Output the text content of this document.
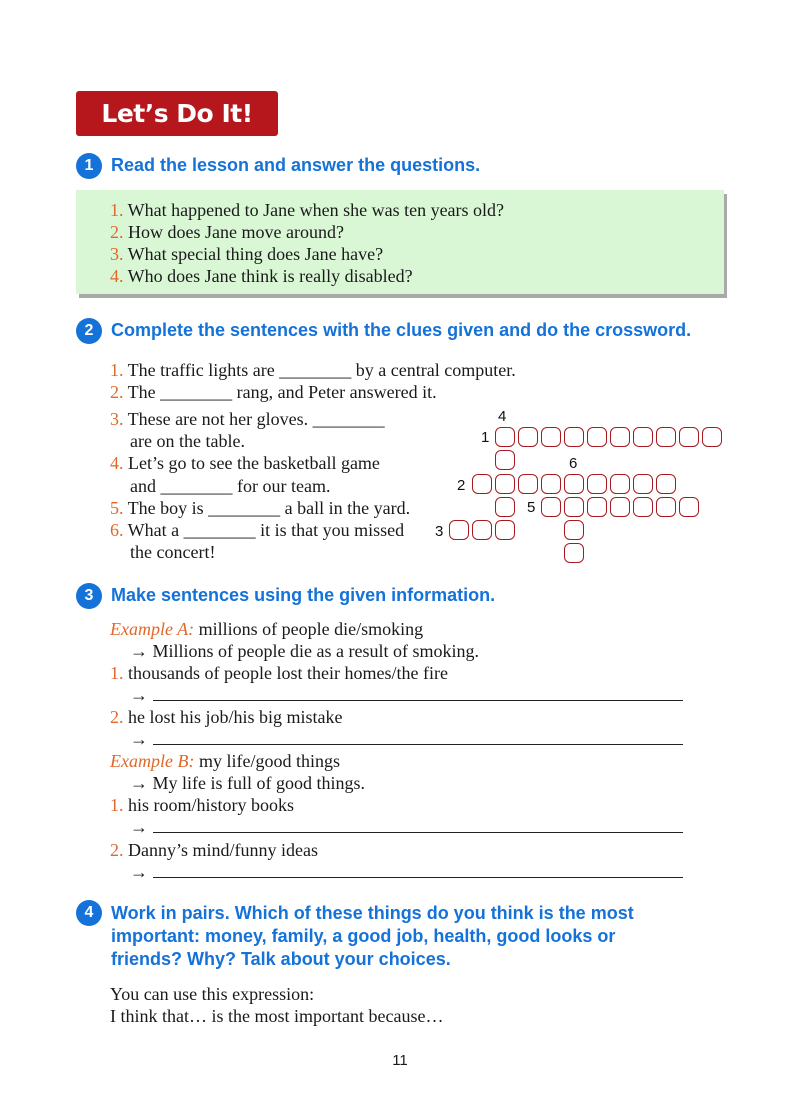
Let’s Do It!
1 Read the lesson and answer the questions.
1. What happened to Jane when she was ten years old?
2. How does Jane move around?
3. What special thing does Jane have?
4. Who does Jane think is really disabled?
2 Complete the sentences with the clues given and do the crossword.
1. The traffic lights are ________ by a central computer.
2. The ________ rang, and Peter answered it.
3. These are not her gloves. ________
are on the table.
4. Let’s go to see the basketball game
and ________ for our team.
5. The boy is ________ a ball in the yard.
6. What a ________ it is that you missed
the concert!
4
1
6
2
5
3
3 Make sentences using the given information.
Example A: millions of people die/smoking
→ Millions of people die as a result of smoking.
1. thousands of people lost their homes/the fire
→
2. he lost his job/his big mistake
→
Example B: my life/good things
→ My life is full of good things.
1. his room/history books
→
2. Danny’s mind/funny ideas
→
4 Work in pairs. Which of these things do you think is the most
important: money, family, a good job, health, good looks or
friends? Why? Talk about your choices.
You can use this expression:
I think that… is the most important because…
11
